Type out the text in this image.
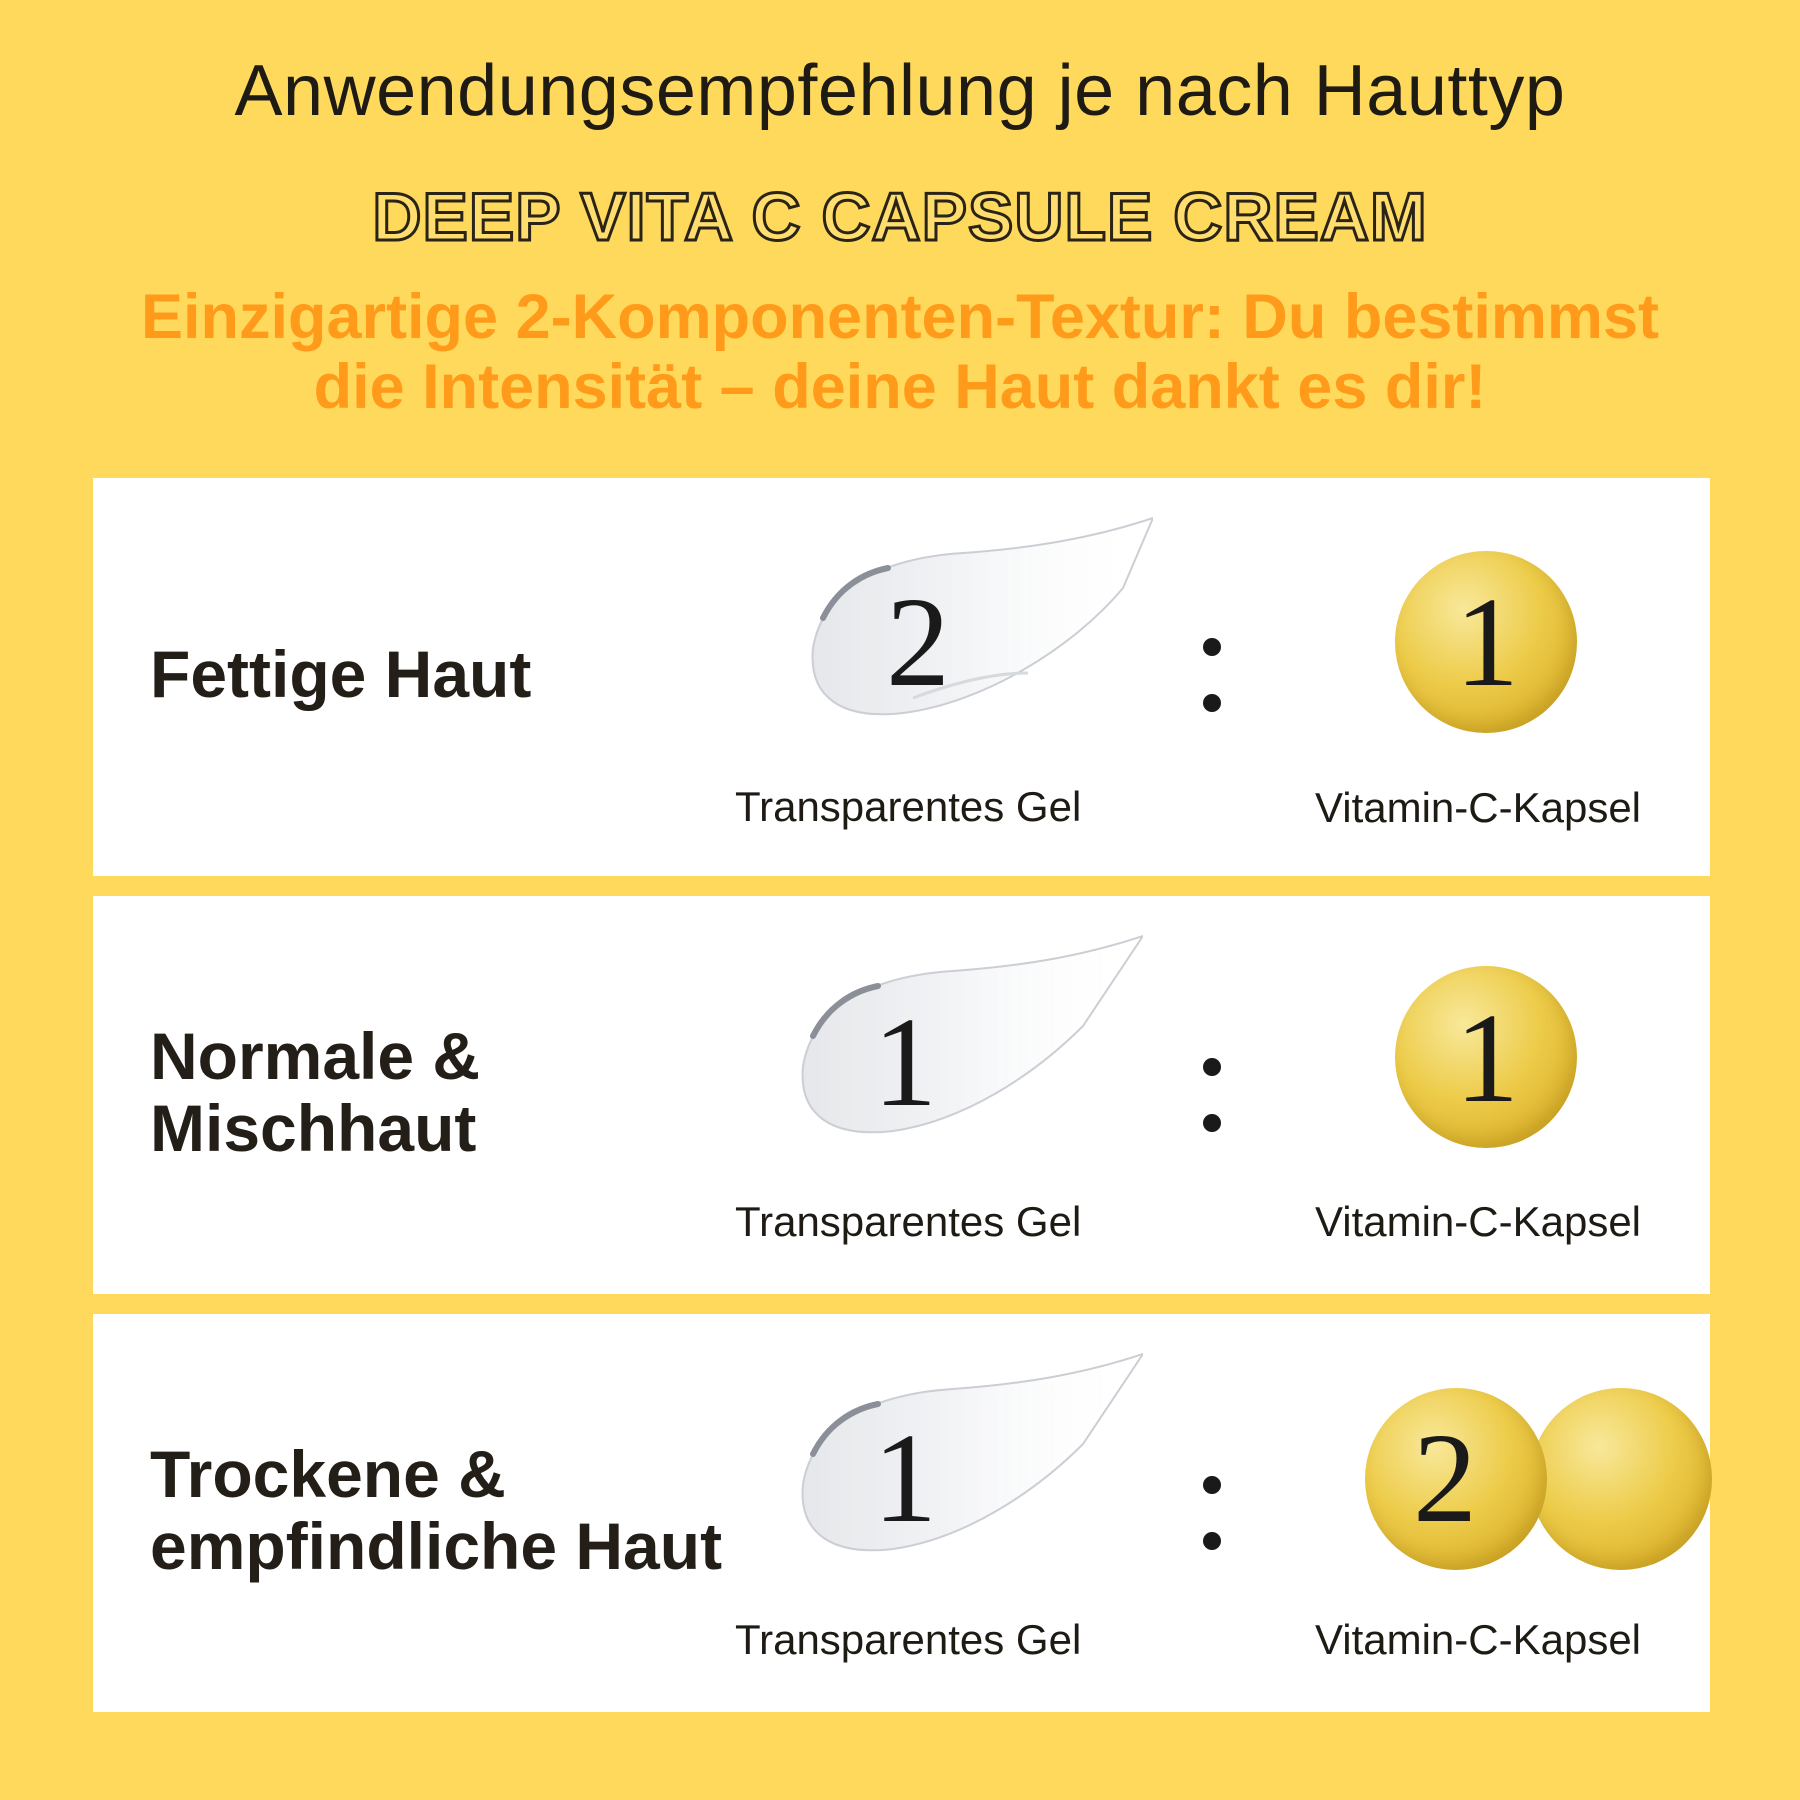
Anwendungsempfehlung je nach Hauttyp
DEEP VITA C CAPSULE CREAM
Einzigartige 2-Komponenten-Textur: Du bestimmst
die Intensität – deine Haut dankt es dir!
Fettige Haut	2	1
Transparentes Gel	Vitamin-C-Kapsel
Normale &
Mischhaut	1	1
Transparentes Gel	Vitamin-C-Kapsel
Trockene &
empfindliche Haut 1	2
Transparentes Gel	Vitamin-C-Kapsel
